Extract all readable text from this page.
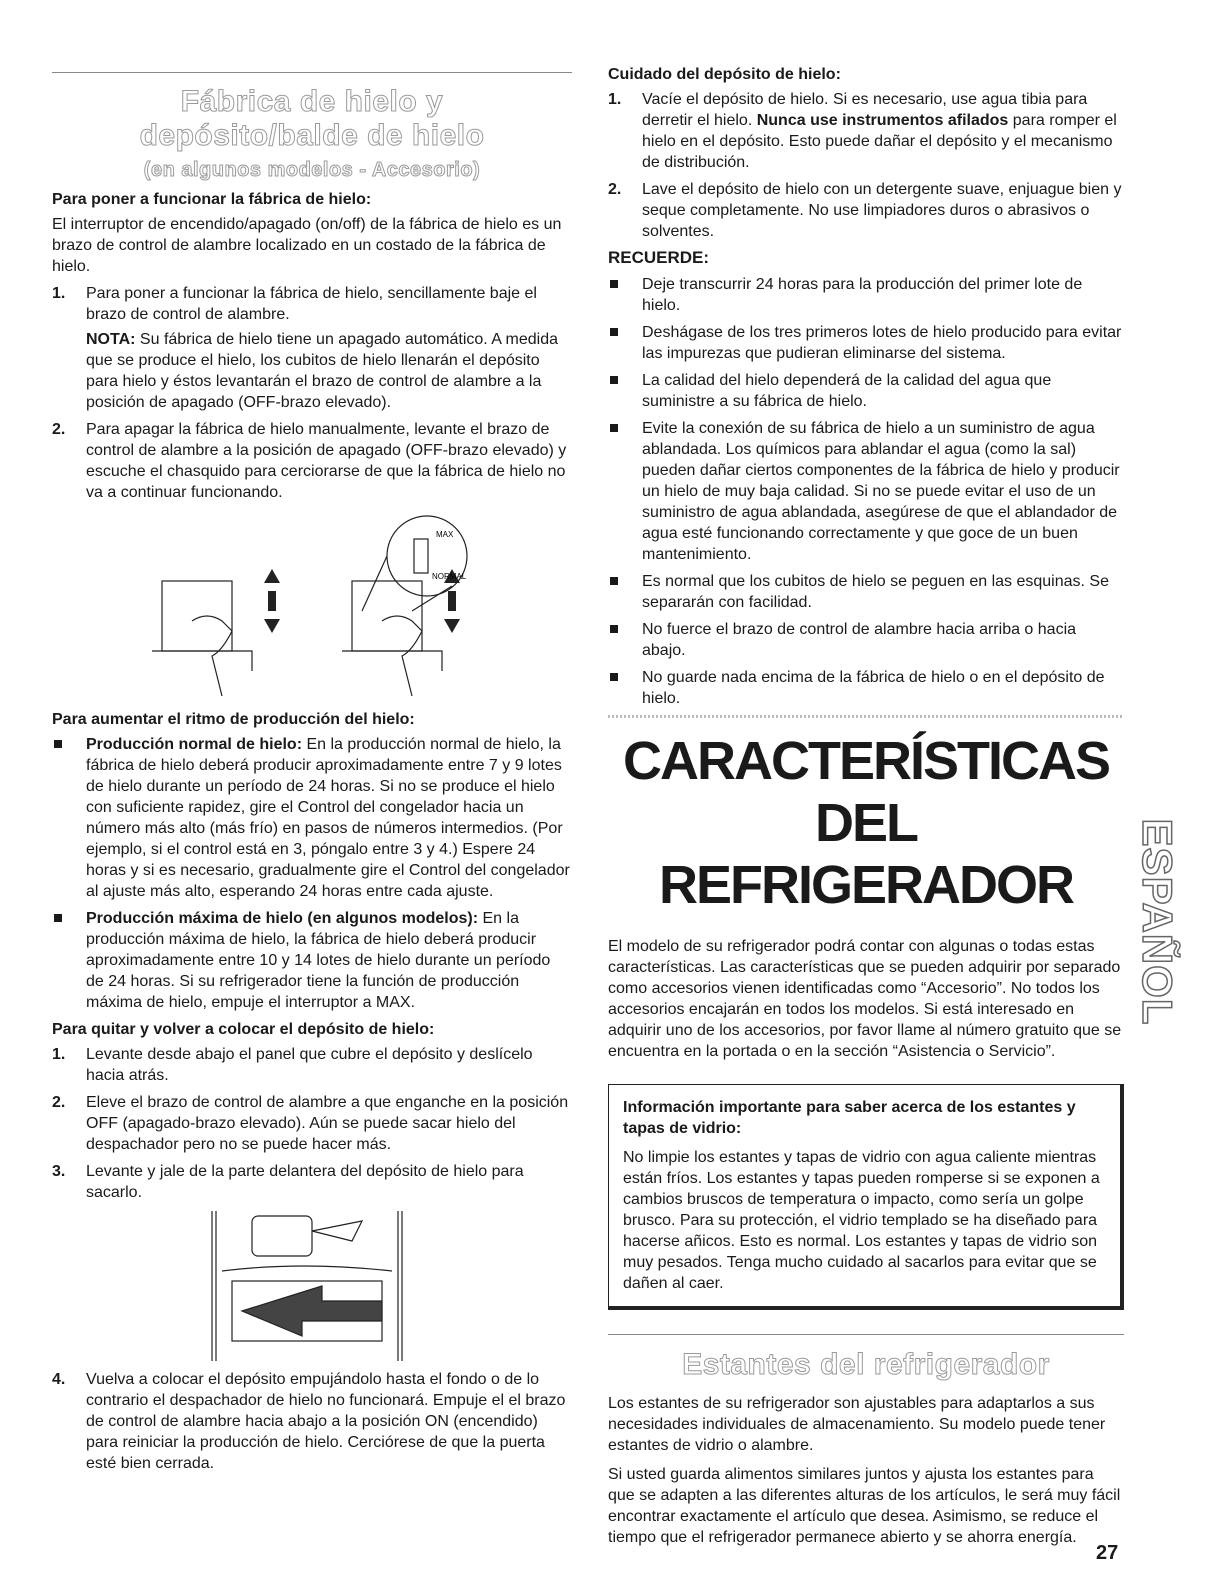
Fábrica de hielo y depósito/balde de hielo
(en algunos modelos - Accesorio)

Para poner a funcionar la fábrica de hielo:

El interruptor de encendido/apagado (on/off) de la fábrica de hielo es un brazo de control de alambre localizado en un costado de la fábrica de hielo.

1. Para poner a funcionar la fábrica de hielo, sencillamente baje el brazo de control de alambre.

NOTA: Su fábrica de hielo tiene un apagado automático. A medida que se produce el hielo, los cubitos de hielo llenarán el depósito para hielo y éstos levantarán el brazo de control de alambre a la posición de apagado (OFF-brazo elevado).

2. Para apagar la fábrica de hielo manualmente, levante el brazo de control de alambre a la posición de apagado (OFF-brazo elevado) y escuche el chasquido para cerciorarse de que la fábrica de hielo no va a continuar funcionando.
MAX
NORMAL

Para aumentar el ritmo de producción del hielo:

Producción normal de hielo: En la producción normal de hielo, la fábrica de hielo deberá producir aproximadamente entre 7 y 9 lotes de hielo durante un período de 24 horas. Si no se produce el hielo con suficiente rapidez, gire el Control del congelador hacia un número más alto (más frío) en pasos de números intermedios. (Por ejemplo, si el control está en 3, póngalo entre 3 y 4.) Espere 24 horas y si es necesario, gradualmente gire el Control del congelador al ajuste más alto, esperando 24 horas entre cada ajuste.
Producción máxima de hielo (en algunos modelos): En la producción máxima de hielo, la fábrica de hielo deberá producir aproximadamente entre 10 y 14 lotes de hielo durante un período de 24 horas. Si su refrigerador tiene la función de producción máxima de hielo, empuje el interruptor a MAX.

Para quitar y volver a colocar el depósito de hielo:

1. Levante desde abajo el panel que cubre el depósito y deslícelo hacia atrás.
2. Eleve el brazo de control de alambre a que enganche en la posición OFF (apagado-brazo elevado). Aún se puede sacar hielo del despachador pero no se puede hacer más.
3. Levante y jale de la parte delantera del depósito de hielo para sacarlo.
4. Vuelva a colocar el depósito empujándolo hasta el fondo o de lo contrario el despachador de hielo no funcionará. Empuje el el brazo de control de alambre hacia abajo a la posición ON (encendido) para reiniciar la producción de hielo. Cerciórese de que la puerta esté bien cerrada.

Cuidado del depósito de hielo:

1. Vacíe el depósito de hielo. Si es necesario, use agua tibia para derretir el hielo. Nunca use instrumentos afilados para romper el hielo en el depósito. Esto puede dañar el depósito y el mecanismo de distribución.
2. Lave el depósito de hielo con un detergente suave, enjuague bien y seque completamente. No use limpiadores duros o abrasivos o solventes.

RECUERDE:

Deje transcurrir 24 horas para la producción del primer lote de hielo.
Deshágase de los tres primeros lotes de hielo producido para evitar las impurezas que pudieran eliminarse del sistema.
La calidad del hielo dependerá de la calidad del agua que suministre a su fábrica de hielo.
Evite la conexión de su fábrica de hielo a un suministro de agua ablandada. Los químicos para ablandar el agua (como la sal) pueden dañar ciertos componentes de la fábrica de hielo y producir un hielo de muy baja calidad. Si no se puede evitar el uso de un suministro de agua ablandada, asegúrese de que el ablandador de agua esté funcionando correctamente y que goce de un buen mantenimiento.
Es normal que los cubitos de hielo se peguen en las esquinas. Se separarán con facilidad.
No fuerce el brazo de control de alambre hacia arriba o hacia abajo.
No guarde nada encima de la fábrica de hielo o en el depósito de hielo.
CARACTERÍSTICAS DEL
REFRIGERADOR

El modelo de su refrigerador podrá contar con algunas o todas estas características. Las características que se pueden adquirir por separado como accesorios vienen identificadas como “Accesorio”. No todos los accesorios encajarán en todos los modelos. Si está interesado en adquirir uno de los accesorios, por favor llame al número gratuito que se encuentra en la portada o en la sección “Asistencia o Servicio”.

Información importante para saber acerca de los estantes y tapas de vidrio:

No limpie los estantes y tapas de vidrio con agua caliente mientras están fríos. Los estantes y tapas pueden romperse si se exponen a cambios bruscos de temperatura o impacto, como sería un golpe brusco. Para su protección, el vidrio templado se ha diseñado para hacerse añicos. Esto es normal. Los estantes y tapas de vidrio son muy pesados. Tenga mucho cuidado al sacarlos para evitar que se dañen al caer.

Estantes del refrigerador

Los estantes de su refrigerador son ajustables para adaptarlos a sus necesidades individuales de almacenamiento. Su modelo puede tener estantes de vidrio o alambre.

Si usted guarda alimentos similares juntos y ajusta los estantes para que se adapten a las diferentes alturas de los artículos, le será muy fácil encontrar exactamente el artículo que desea. Asimismo, se reduce el tiempo que el refrigerador permanece abierto y se ahorra energía.

ESPAÑOL
27
